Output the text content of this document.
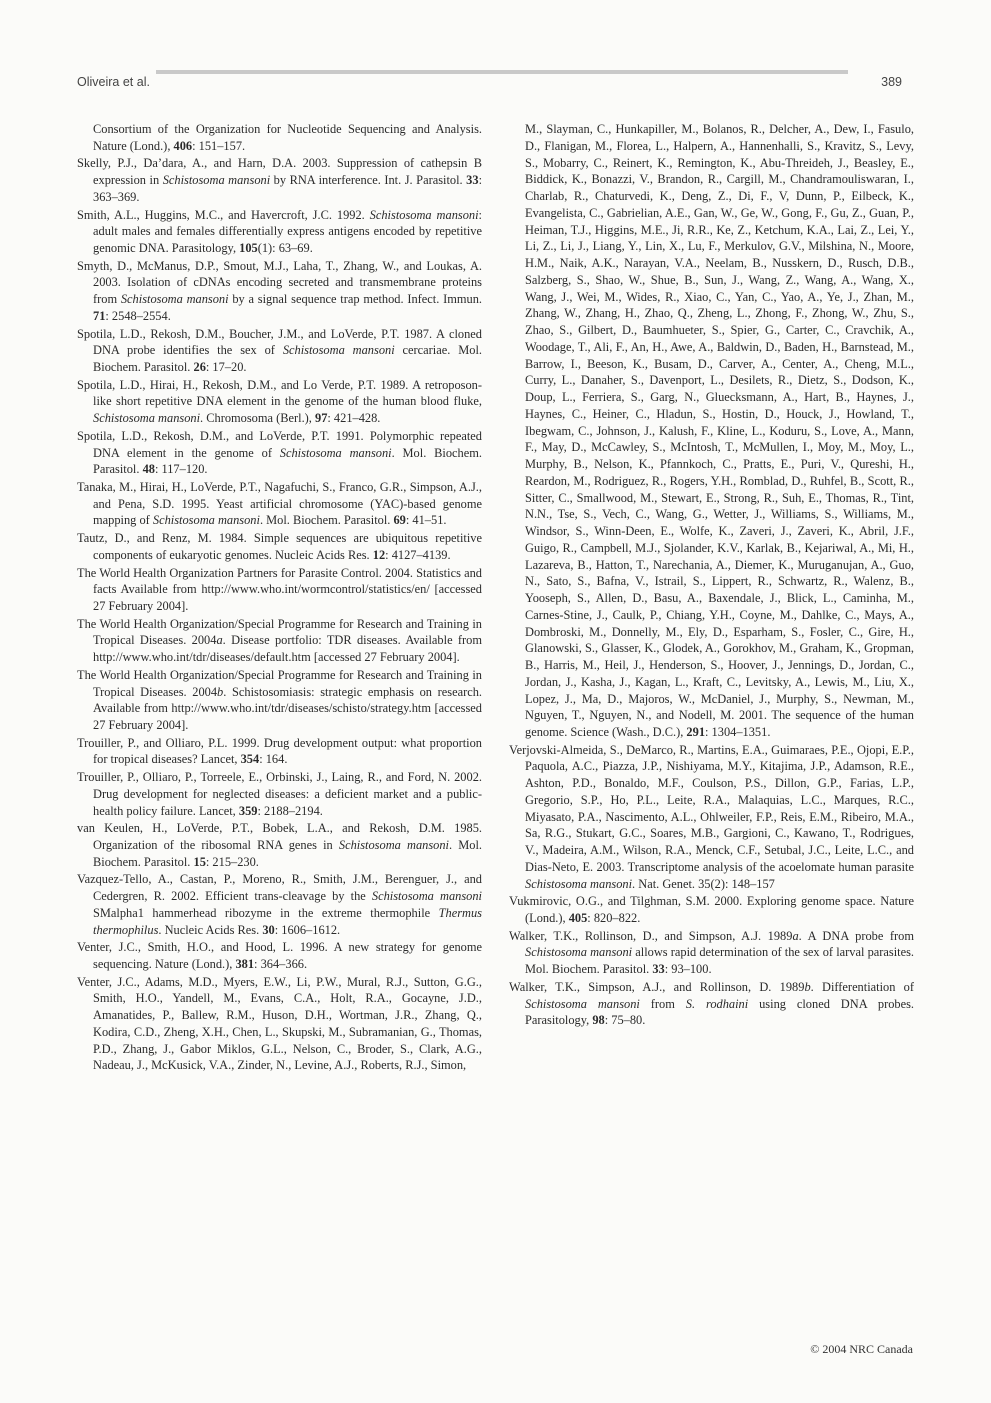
Oliveira et al.	389

Consortium of the Organization for Nucleotide Sequencing and Analysis. Nature (Lond.), 406: 151–157.

Skelly, P.J., Da’dara, A., and Harn, D.A. 2003. Suppression of cathepsin B expression in Schistosoma mansoni by RNA interference. Int. J. Parasitol. 33: 363–369.

Smith, A.L., Huggins, M.C., and Havercroft, J.C. 1992. Schistosoma mansoni: adult males and females differentially express antigens encoded by repetitive genomic DNA. Parasitology, 105(1): 63–69.

Smyth, D., McManus, D.P., Smout, M.J., Laha, T., Zhang, W., and Loukas, A. 2003. Isolation of cDNAs encoding secreted and transmembrane proteins from Schistosoma mansoni by a signal sequence trap method. Infect. Immun. 71: 2548–2554.

Spotila, L.D., Rekosh, D.M., Boucher, J.M., and LoVerde, P.T. 1987. A cloned DNA probe identifies the sex of Schistosoma mansoni cercariae. Mol. Biochem. Parasitol. 26: 17–20.

Spotila, L.D., Hirai, H., Rekosh, D.M., and Lo Verde, P.T. 1989. A retroposon-like short repetitive DNA element in the genome of the human blood fluke, Schistosoma mansoni. Chromosoma (Berl.), 97: 421–428.

Spotila, L.D., Rekosh, D.M., and LoVerde, P.T. 1991. Polymorphic repeated DNA element in the genome of Schistosoma mansoni. Mol. Biochem. Parasitol. 48: 117–120.

Tanaka, M., Hirai, H., LoVerde, P.T., Nagafuchi, S., Franco, G.R., Simpson, A.J., and Pena, S.D. 1995. Yeast artificial chromosome (YAC)-based genome mapping of Schistosoma mansoni. Mol. Biochem. Parasitol. 69: 41–51.

Tautz, D., and Renz, M. 1984. Simple sequences are ubiquitous repetitive components of eukaryotic genomes. Nucleic Acids Res. 12: 4127–4139.

The World Health Organization Partners for Parasite Control. 2004. Statistics and facts Available from http://www.who.int/wormcontrol/statistics/en/ [accessed 27 February 2004].

The World Health Organization/Special Programme for Research and Training in Tropical Diseases. 2004a. Disease portfolio: TDR diseases. Available from http://www.who.int/tdr/diseases/default.htm [accessed 27 February 2004].

The World Health Organization/Special Programme for Research and Training in Tropical Diseases. 2004b. Schistosomiasis: strategic emphasis on research. Available from http://www.who.int/tdr/diseases/schisto/strategy.htm [accessed 27 February 2004].

Trouiller, P., and Olliaro, P.L. 1999. Drug development output: what proportion for tropical diseases? Lancet, 354: 164.

Trouiller, P., Olliaro, P., Torreele, E., Orbinski, J., Laing, R., and Ford, N. 2002. Drug development for neglected diseases: a deficient market and a public-health policy failure. Lancet, 359: 2188–2194.

van Keulen, H., LoVerde, P.T., Bobek, L.A., and Rekosh, D.M. 1985. Organization of the ribosomal RNA genes in Schistosoma mansoni. Mol. Biochem. Parasitol. 15: 215–230.

Vazquez-Tello, A., Castan, P., Moreno, R., Smith, J.M., Berenguer, J., and Cedergren, R. 2002. Efficient trans-cleavage by the Schistosoma mansoni SMalpha1 hammerhead ribozyme in the extreme thermophile Thermus thermophilus. Nucleic Acids Res. 30: 1606–1612.

Venter, J.C., Smith, H.O., and Hood, L. 1996. A new strategy for genome sequencing. Nature (Lond.), 381: 364–366.

Venter, J.C., Adams, M.D., Myers, E.W., Li, P.W., Mural, R.J., Sutton, G.G., Smith, H.O., Yandell, M., Evans, C.A., Holt, R.A., Gocayne, J.D., Amanatides, P., Ballew, R.M., Huson, D.H., Wortman, J.R., Zhang, Q., Kodira, C.D., Zheng, X.H., Chen, L., Skupski, M., Subramanian, G., Thomas, P.D., Zhang, J., Gabor Miklos, G.L., Nelson, C., Broder, S., Clark, A.G., Nadeau, J., McKusick, V.A., Zinder, N., Levine, A.J., Roberts, R.J., Simon,

M., Slayman, C., Hunkapiller, M., Bolanos, R., Delcher, A., Dew, I., Fasulo, D., Flanigan, M., Florea, L., Halpern, A., Hannenhalli, S., Kravitz, S., Levy, S., Mobarry, C., Reinert, K., Remington, K., Abu-Threideh, J., Beasley, E., Biddick, K., Bonazzi, V., Brandon, R., Cargill, M., Chandramouliswaran, I., Charlab, R., Chaturvedi, K., Deng, Z., Di, F., V, Dunn, P., Eilbeck, K., Evangelista, C., Gabrielian, A.E., Gan, W., Ge, W., Gong, F., Gu, Z., Guan, P., Heiman, T.J., Higgins, M.E., Ji, R.R., Ke, Z., Ketchum, K.A., Lai, Z., Lei, Y., Li, Z., Li, J., Liang, Y., Lin, X., Lu, F., Merkulov, G.V., Milshina, N., Moore, H.M., Naik, A.K., Narayan, V.A., Neelam, B., Nusskern, D., Rusch, D.B., Salzberg, S., Shao, W., Shue, B., Sun, J., Wang, Z., Wang, A., Wang, X., Wang, J., Wei, M., Wides, R., Xiao, C., Yan, C., Yao, A., Ye, J., Zhan, M., Zhang, W., Zhang, H., Zhao, Q., Zheng, L., Zhong, F., Zhong, W., Zhu, S., Zhao, S., Gilbert, D., Baumhueter, S., Spier, G., Carter, C., Cravchik, A., Woodage, T., Ali, F., An, H., Awe, A., Baldwin, D., Baden, H., Barnstead, M., Barrow, I., Beeson, K., Busam, D., Carver, A., Center, A., Cheng, M.L., Curry, L., Danaher, S., Davenport, L., Desilets, R., Dietz, S., Dodson, K., Doup, L., Ferriera, S., Garg, N., Gluecksmann, A., Hart, B., Haynes, J., Haynes, C., Heiner, C., Hladun, S., Hostin, D., Houck, J., Howland, T., Ibegwam, C., Johnson, J., Kalush, F., Kline, L., Koduru, S., Love, A., Mann, F., May, D., McCawley, S., McIntosh, T., McMullen, I., Moy, M., Moy, L., Murphy, B., Nelson, K., Pfannkoch, C., Pratts, E., Puri, V., Qureshi, H., Reardon, M., Rodriguez, R., Rogers, Y.H., Romblad, D., Ruhfel, B., Scott, R., Sitter, C., Smallwood, M., Stewart, E., Strong, R., Suh, E., Thomas, R., Tint, N.N., Tse, S., Vech, C., Wang, G., Wetter, J., Williams, S., Williams, M., Windsor, S., Winn-Deen, E., Wolfe, K., Zaveri, J., Zaveri, K., Abril, J.F., Guigo, R., Campbell, M.J., Sjolander, K.V., Karlak, B., Kejariwal, A., Mi, H., Lazareva, B., Hatton, T., Narechania, A., Diemer, K., Muruganujan, A., Guo, N., Sato, S., Bafna, V., Istrail, S., Lippert, R., Schwartz, R., Walenz, B., Yooseph, S., Allen, D., Basu, A., Baxendale, J., Blick, L., Caminha, M., Carnes-Stine, J., Caulk, P., Chiang, Y.H., Coyne, M., Dahlke, C., Mays, A., Dombroski, M., Donnelly, M., Ely, D., Esparham, S., Fosler, C., Gire, H., Glanowski, S., Glasser, K., Glodek, A., Gorokhov, M., Graham, K., Gropman, B., Harris, M., Heil, J., Henderson, S., Hoover, J., Jennings, D., Jordan, C., Jordan, J., Kasha, J., Kagan, L., Kraft, C., Levitsky, A., Lewis, M., Liu, X., Lopez, J., Ma, D., Majoros, W., McDaniel, J., Murphy, S., Newman, M., Nguyen, T., Nguyen, N., and Nodell, M. 2001. The sequence of the human genome. Science (Wash., D.C.), 291: 1304–1351.

Verjovski-Almeida, S., DeMarco, R., Martins, E.A., Guimaraes, P.E., Ojopi, E.P., Paquola, A.C., Piazza, J.P., Nishiyama, M.Y., Kitajima, J.P., Adamson, R.E., Ashton, P.D., Bonaldo, M.F., Coulson, P.S., Dillon, G.P., Farias, L.P., Gregorio, S.P., Ho, P.L., Leite, R.A., Malaquias, L.C., Marques, R.C., Miyasato, P.A., Nascimento, A.L., Ohlweiler, F.P., Reis, E.M., Ribeiro, M.A., Sa, R.G., Stukart, G.C., Soares, M.B., Gargioni, C., Kawano, T., Rodrigues, V., Madeira, A.M., Wilson, R.A., Menck, C.F., Setubal, J.C., Leite, L.C., and Dias-Neto, E. 2003. Transcriptome analysis of the acoelomate human parasite Schistosoma mansoni. Nat. Genet. 35(2): 148–157

Vukmirovic, O.G., and Tilghman, S.M. 2000. Exploring genome space. Nature (Lond.), 405: 820–822.

Walker, T.K., Rollinson, D., and Simpson, A.J. 1989a. A DNA probe from Schistosoma mansoni allows rapid determination of the sex of larval parasites. Mol. Biochem. Parasitol. 33: 93–100.

Walker, T.K., Simpson, A.J., and Rollinson, D. 1989b. Differentiation of Schistosoma mansoni from S. rodhaini using cloned DNA probes. Parasitology, 98: 75–80.

© 2004 NRC Canada
